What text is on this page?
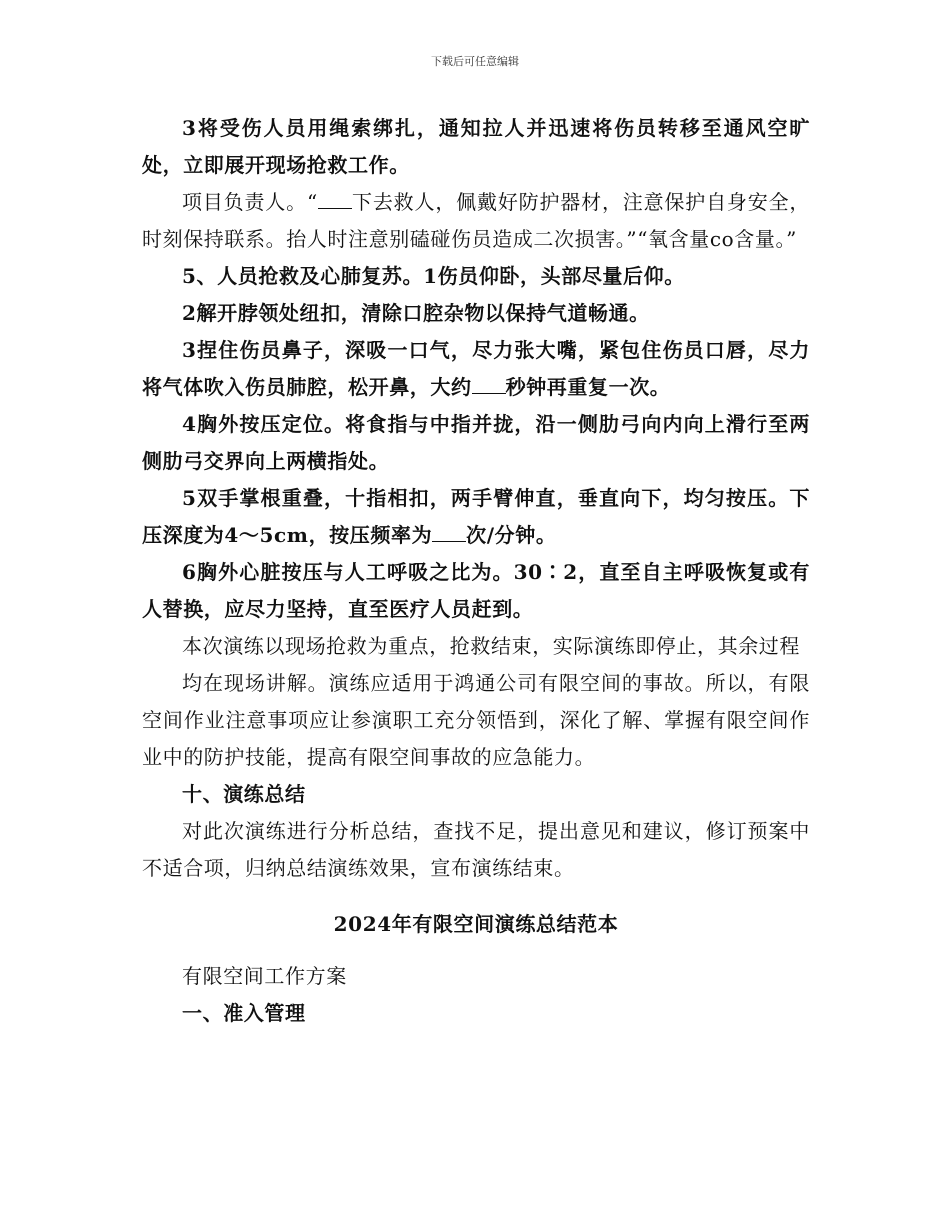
下载后可任意编辑

3将受伤人员用绳索绑扎，通知拉人并迅速将伤员转移至通风空旷处，立即展开现场抢救工作。

项目负责人。“ 下去救人，佩戴好防护器材，注意保护自身安全，时刻保持联系。抬人时注意别磕碰伤员造成二次损害。”“氧含量co含量。”

5、人员抢救及心肺复苏。1伤员仰卧，头部尽量后仰。

2解开脖领处纽扣，清除口腔杂物以保持气道畅通。

3捏住伤员鼻子，深吸一口气，尽力张大嘴，紧包住伤员口唇，尽力将气体吹入伤员肺腔，松开鼻，大约 秒钟再重复一次。

4胸外按压定位。将食指与中指并拢，沿一侧肋弓向内向上滑行至两侧肋弓交界向上两横指处。

5双手掌根重叠，十指相扣，两手臂伸直，垂直向下，均匀按压。下压深度为4～5cm，按压频率为 次/分钟。

6胸外心脏按压与人工呼吸之比为。30∶2，直至自主呼吸恢复或有人替换，应尽力坚持，直至医疗人员赶到。

本次演练以现场抢救为重点，抢救结束，实际演练即停止，其余过程

均在现场讲解。演练应适用于鸿通公司有限空间的事故。所以，有限空间作业注意事项应让参演职工充分领悟到，深化了解、掌握有限空间作业中的防护技能，提高有限空间事故的应急能力。

十、演练总结

对此次演练进行分析总结，查找不足，提出意见和建议，修订预案中不适合项，归纳总结演练效果，宣布演练结束。

2024年有限空间演练总结范本

有限空间工作方案

一、准入管理
